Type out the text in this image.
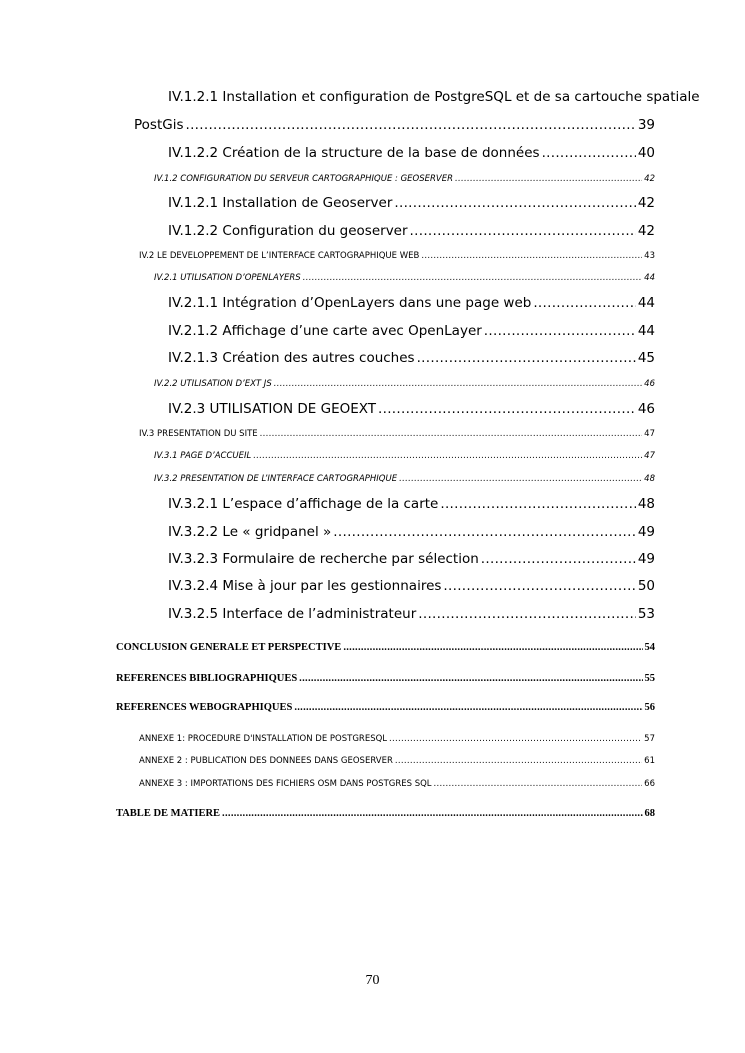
IV.1.2.1 Installation et configuration de PostgreSQL et de sa cartouche spatiale
PostGis .....	39
IV.1.2.2 Création de la structure de la base de données .....	40
IV.1.2 CONFIGURATION DU SERVEUR CARTOGRAPHIQUE : GEOSERVER .....	42
IV.1.2.1 Installation de Geoserver .....	42
IV.1.2.2 Configuration du geoserver .....	42
IV.2 LE DEVELOPPEMENT DE L’INTERFACE CARTOGRAPHIQUE WEB .....	43
IV.2.1 UTILISATION D’OPENLAYERS .....	44
IV.2.1.1 Intégration d’OpenLayers dans une page web .....	44
IV.2.1.2 Affichage d’une carte avec OpenLayer .....	44
IV.2.1.3 Création des autres couches .....	45
IV.2.2 UTILISATION D’EXT JS .....	46
IV.2.3 UTILISATION DE GEOEXT .....	46
IV.3 PRESENTATION DU SITE .....	47
IV.3.1 PAGE D’ACCUEIL .....	47
IV.3.2 PRESENTATION DE L’INTERFACE CARTOGRAPHIQUE .....	48
IV.3.2.1 L’espace d’affichage de la carte .....	48
IV.3.2.2 Le « gridpanel » .....	49
IV.3.2.3 Formulaire de recherche par sélection .....	49
IV.3.2.4 Mise à jour par les gestionnaires .....	50
IV.3.2.5 Interface de l’administrateur .....	53
CONCLUSION GENERALE ET PERSPECTIVE .....	54
REFERENCES BIBLIOGRAPHIQUES .....	55
REFERENCES WEBOGRAPHIQUES .....	56
ANNEXE 1: PROCEDURE D'INSTALLATION DE POSTGRESQL .....	57
ANNEXE 2 : PUBLICATION DES DONNEES DANS GEOSERVER .....	61
ANNEXE 3 : IMPORTATIONS DES FICHIERS OSM DANS POSTGRES SQL .....	66
TABLE DE MATIERE .....	68
70
